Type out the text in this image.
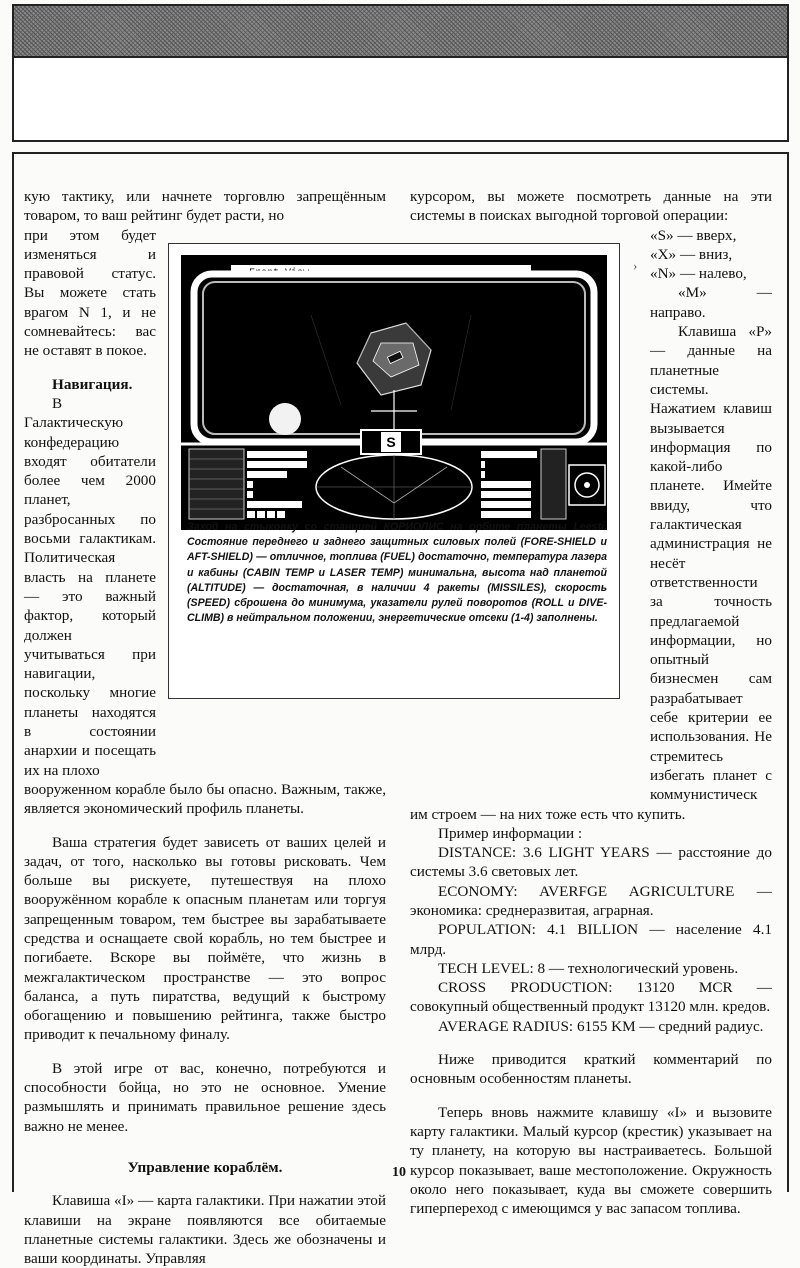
кую тактику, или начнете торговлю запрещённым товаром, то ваш рейтинг будет расти, но

при этом будет изменяться и правовой статус. Вы можете стать врагом N 1, и не сомневайтесь: вас не оставят в покое.

Навигация.

В Галактическую конфедерацию входят обитатели более чем 2000 планет, разбросанных по восьми галактикам. Политическая власть на планете — это важный фактор, который должен учитываться при навигации, поскольку многие планеты находятся в состоянии анархии и посещать их на плохо

вооруженном корабле было бы опасно. Важным, также, является экономический профиль планеты.

Ваша стратегия будет зависеть от ваших целей и задач, от того, насколько вы готовы рисковать. Чем больше вы рискуете, путешествуя на плохо вооружённом корабле к опасным планетам или торгуя запрещенным товаром, тем быстрее вы зарабатываете средства и оснащаете свой корабль, но тем быстрее и погибаете. Вскоре вы поймёте, что жизнь в межгалактическом пространстве — это вопрос баланса, а путь пиратства, ведущий к быстрому обогащению и повышению рейтинга, также быстро приводит к печальному финалу.

В этой игре от вас, конечно, потребуются и способности бойца, но это не основное. Умение размышлять и принимать правильное решение здесь важно не менее.

Управление кораблём.

Клавиша «I» — карта галактики. При нажатии этой клавиши на экране появляются все обитаемые планетные системы галактики. Здесь же обозначены и ваши координаты. Управляя

курсором, вы можете посмотреть данные на эти системы в поисках выгодной торговой операции:

«S» — вверх,

«X» — вниз,

«N» — налево,

«M» — направо.

Клавиша «P» — данные на планетные системы. Нажатием клавиш вызывается информация по какой-либо планете. Имейте ввиду, что галактическая администрация не несёт ответственности за точность предлагаемой информации, но опытный бизнесмен сам разрабатывает себе критерии ее использования. Не стремитесь избегать планет с коммунистическ

им строем — на них тоже есть что купить.

Пример информации :

DISTANCE: 3.6 LIGHT YEARS — расстояние до системы 3.6 световых лет.

ECONOMY: AVERFGE AGRICULTURE — экономика: среднеразвитая, аграрная.

POPULATION: 4.1 BILLION — население 4.1 млрд.

TECH LEVEL: 8 — технологический уровень.

CROSS PRODUCTION: 13120 MCR — совокупный общественный продукт 13120 млн. кредов.

AVERAGE RADIUS: 6155 KM — средний радиус.

Ниже приводится краткий комментарий по основным особенностям планеты.

Теперь вновь нажмите клавишу «I» и вызовите карту галактики. Малый курсор (крестик) указывает на ту планету, на которую вы настраиваетесь. Большой курсор показывает, ваше местоположение. Окружность около него показывает, куда вы сможете совершить гиперпереход с имеющимся у вас запасом топлива.

›
Front View
S
Заход на стыковку со станцией КОРИОЛИС на орбите планеты Leesti. Состояние переднего и заднего защитных силовых полей (FORE-SHIELD и AFT-SHIELD) — отличное, топлива (FUEL) достаточно, температура лазера и кабины (CABIN TEMP и LASER TEMP) минимальна, высота над планетой (ALTITUDE) — достаточная, в наличии 4 ракеты (MISSILES), скорость (SPEED) сброшена до минимума, указатели рулей поворотов (ROLL и DIVE-CLIMB) в нейтральном положении, энергетические отсеки (1-4) заполнены.
10
